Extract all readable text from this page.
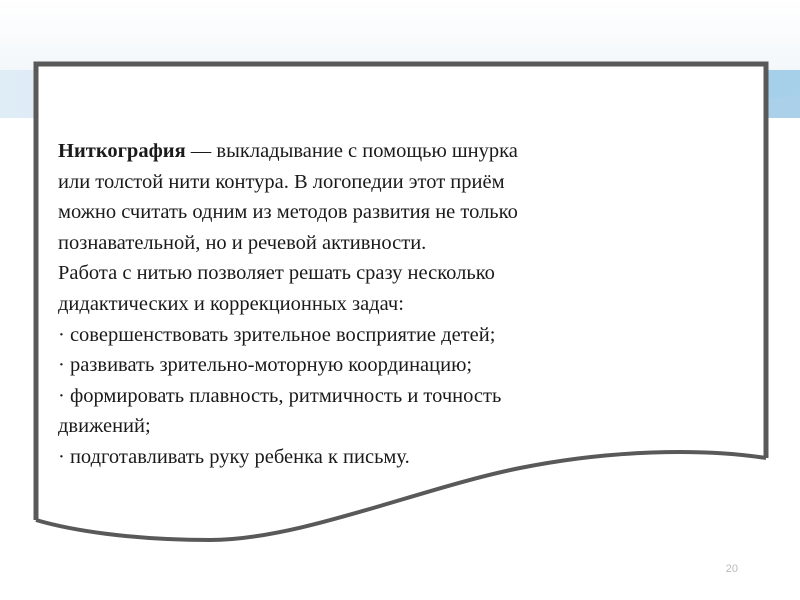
Ниткография — выкладывание с помощью шнурка

или толстой нити контура. В логопедии этот приём

можно считать одним из методов развития не только

познавательной, но и речевой активности.

Работа с нитью позволяет решать сразу несколько

дидактических и коррекционных задач:

· совершенствовать зрительное восприятие детей;

· развивать зрительно-моторную координацию;

· формировать плавность, ритмичность и точность

движений;

· подготавливать руку ребенка к письму.

20
